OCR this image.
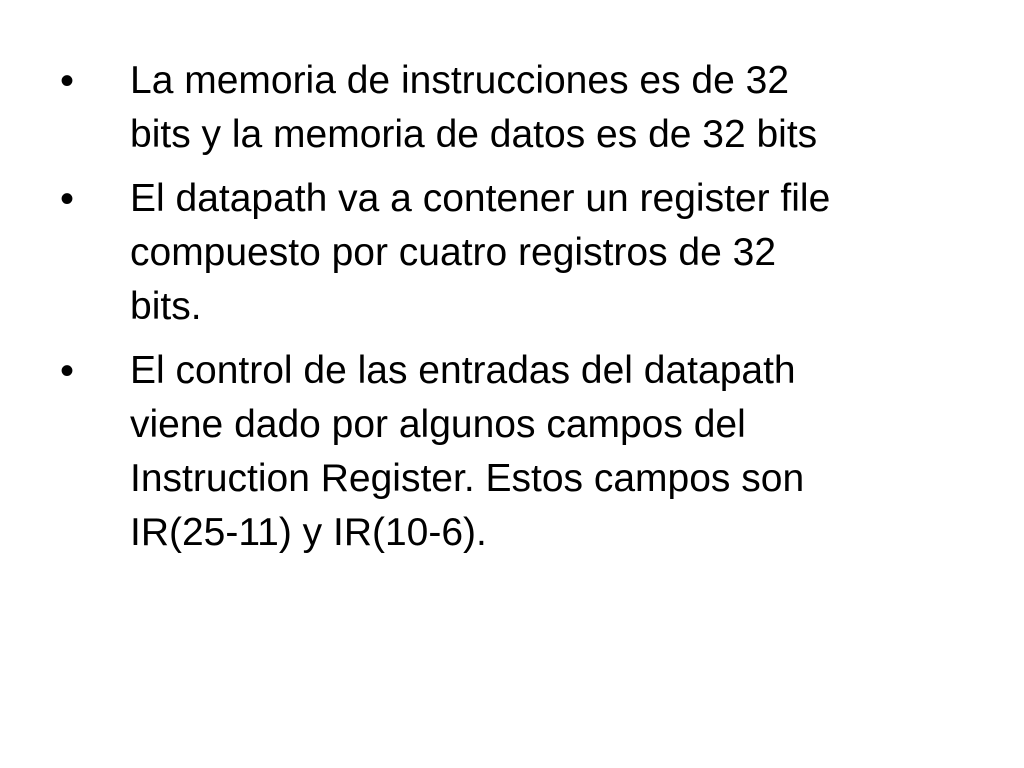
•	La memoria de instrucciones es de 32
bits y la memoria de datos es de 32 bits
•	El datapath va a contener un register file
compuesto por cuatro registros de 32
bits.
•	El control de las entradas del datapath
viene dado por algunos campos del
Instruction Register. Estos campos son
IR(25-11) y IR(10-6).
